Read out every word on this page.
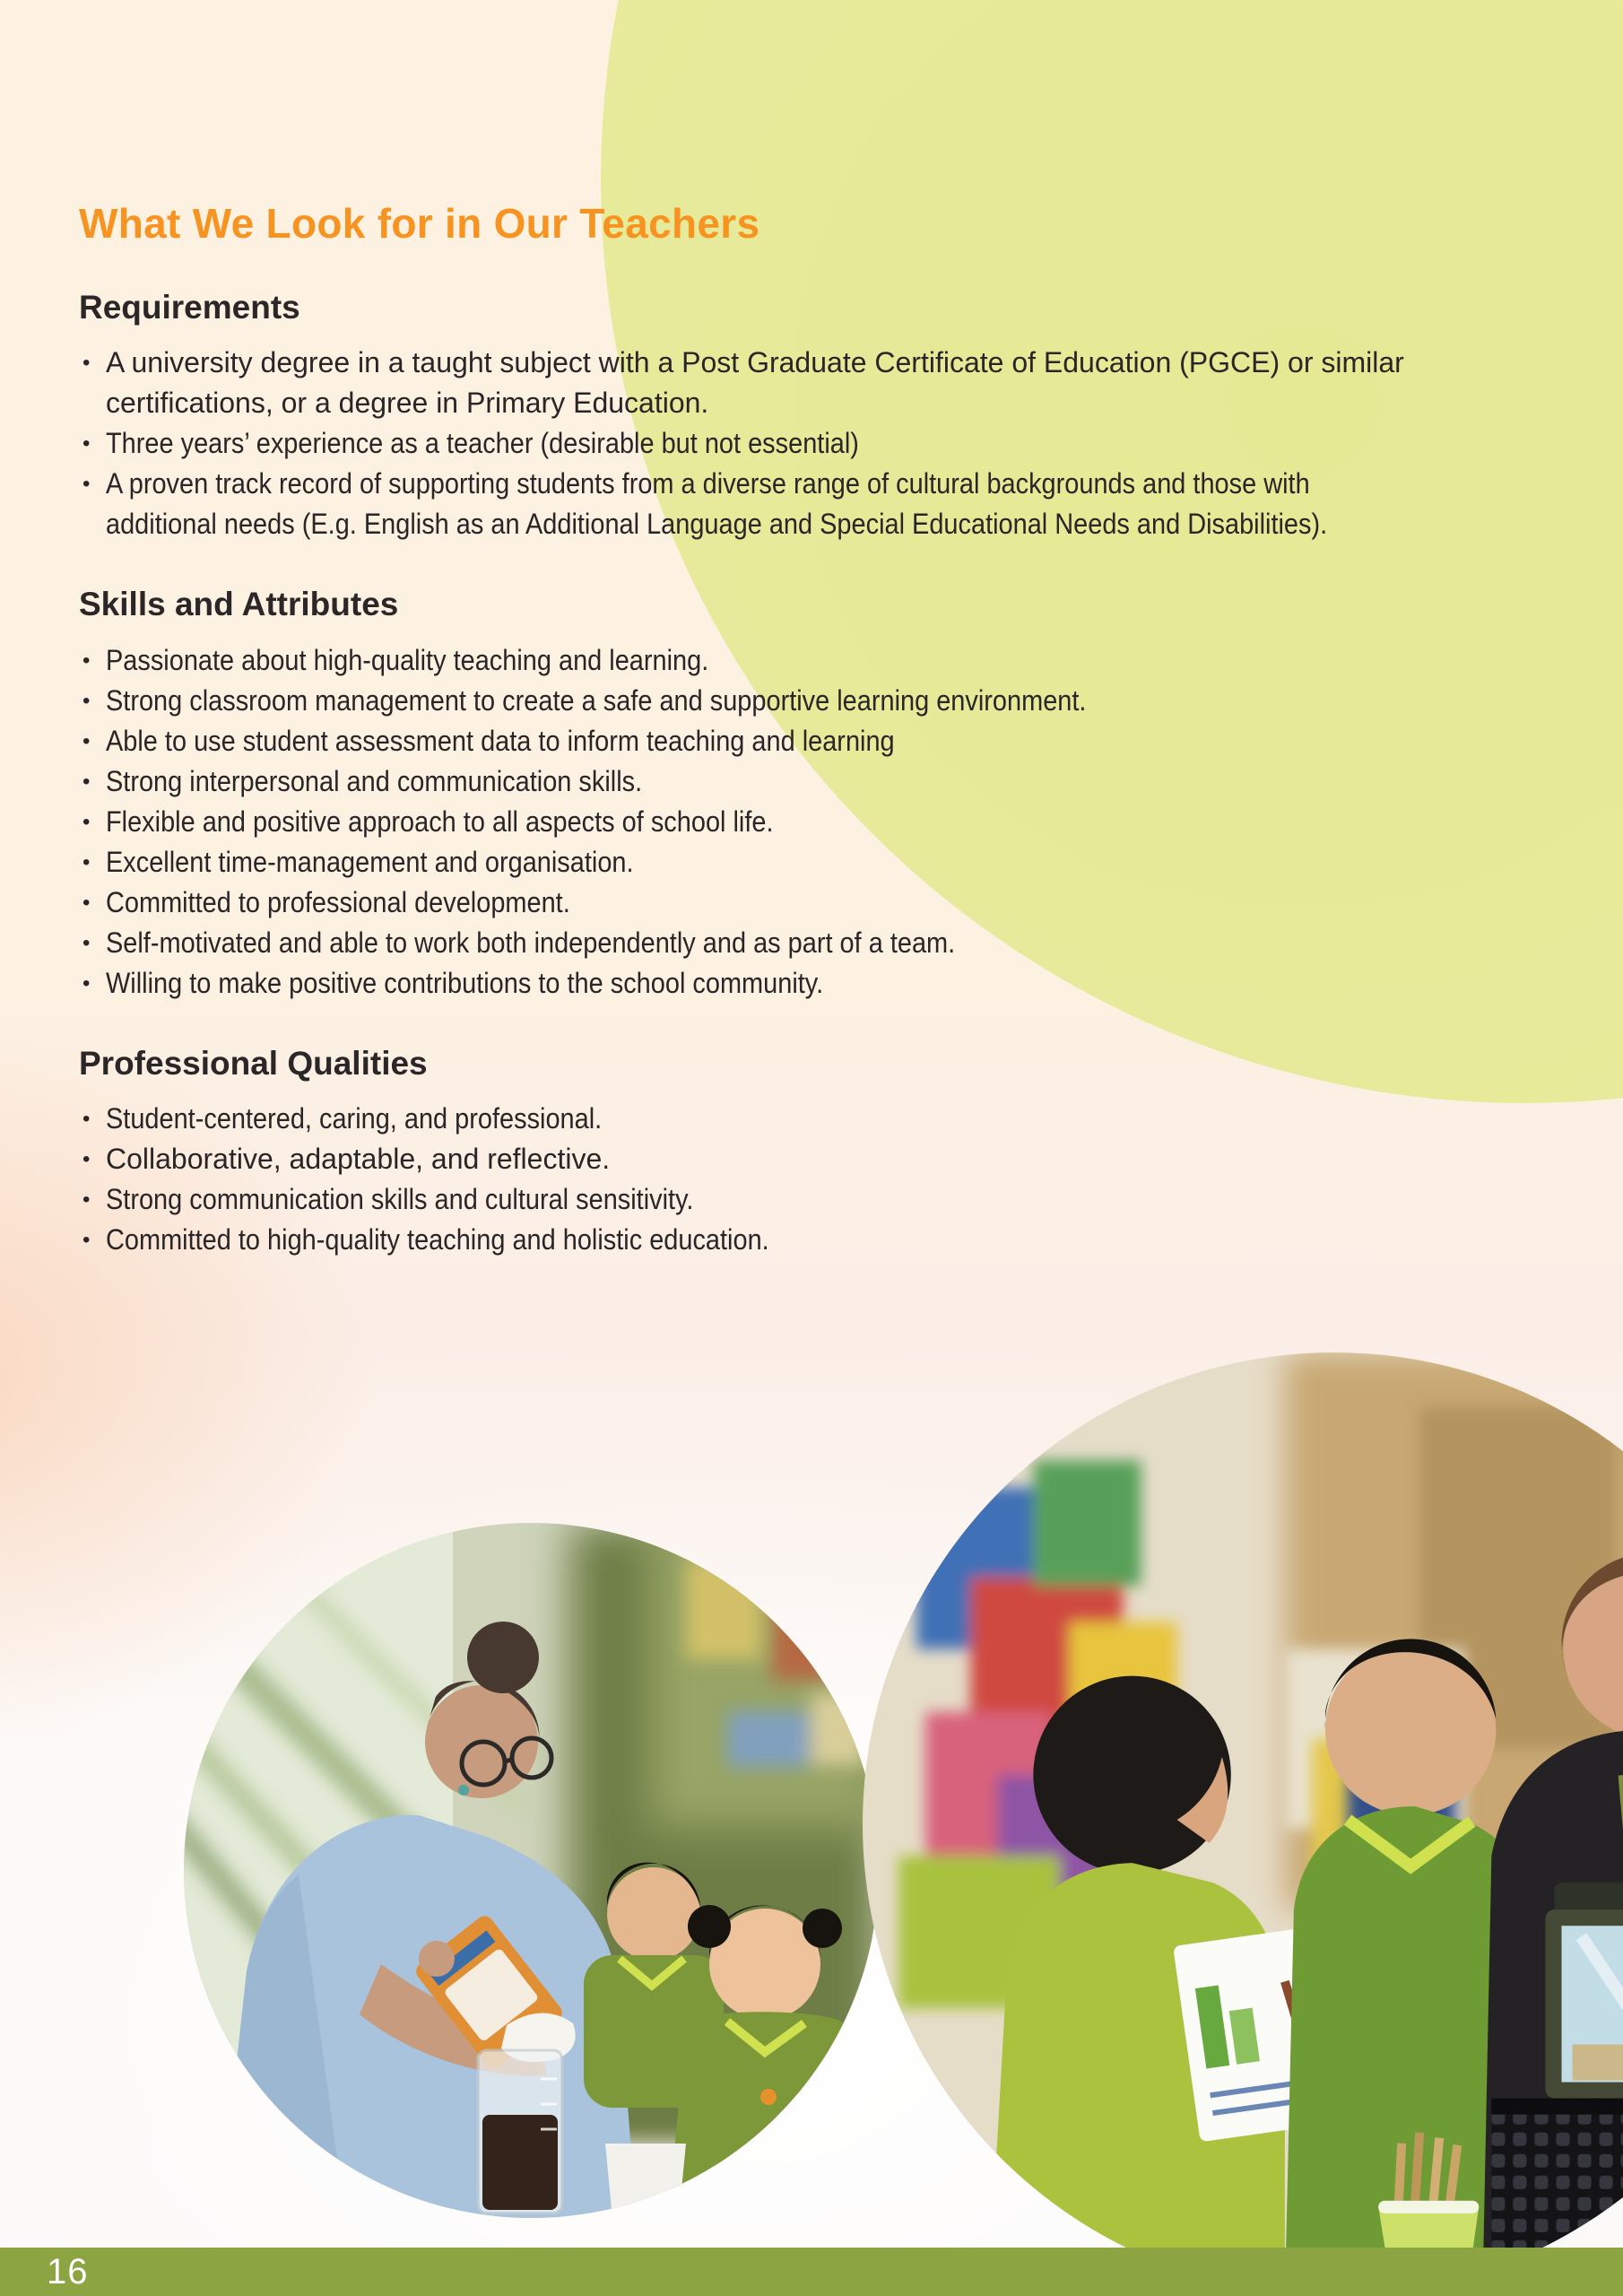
What We Look for in Our Teachers
Requirements
• A university degree in a taught subject with a Post Graduate Certificate of Education (PGCE) or similar certifications, or a degree in Primary Education.
• Three years’ experience as a teacher (desirable but not essential)
• A proven track record of supporting students from a diverse range of cultural backgrounds and those with additional needs (E.g. English as an Additional Language and Special Educational Needs and Disabilities).
Skills and Attributes
• Passionate about high-quality teaching and learning.
• Strong classroom management to create a safe and supportive learning environment.
• Able to use student assessment data to inform teaching and learning
• Strong interpersonal and communication skills.
• Flexible and positive approach to all aspects of school life.
• Excellent time-management and organisation.
• Committed to professional development.
• Self-motivated and able to work both independently and as part of a team.
• Willing to make positive contributions to the school community.
Professional Qualities
• Student-centered, caring, and professional.
• Collaborative, adaptable, and reflective.
• Strong communication skills and cultural sensitivity.
• Committed to high-quality teaching and holistic education.
16
